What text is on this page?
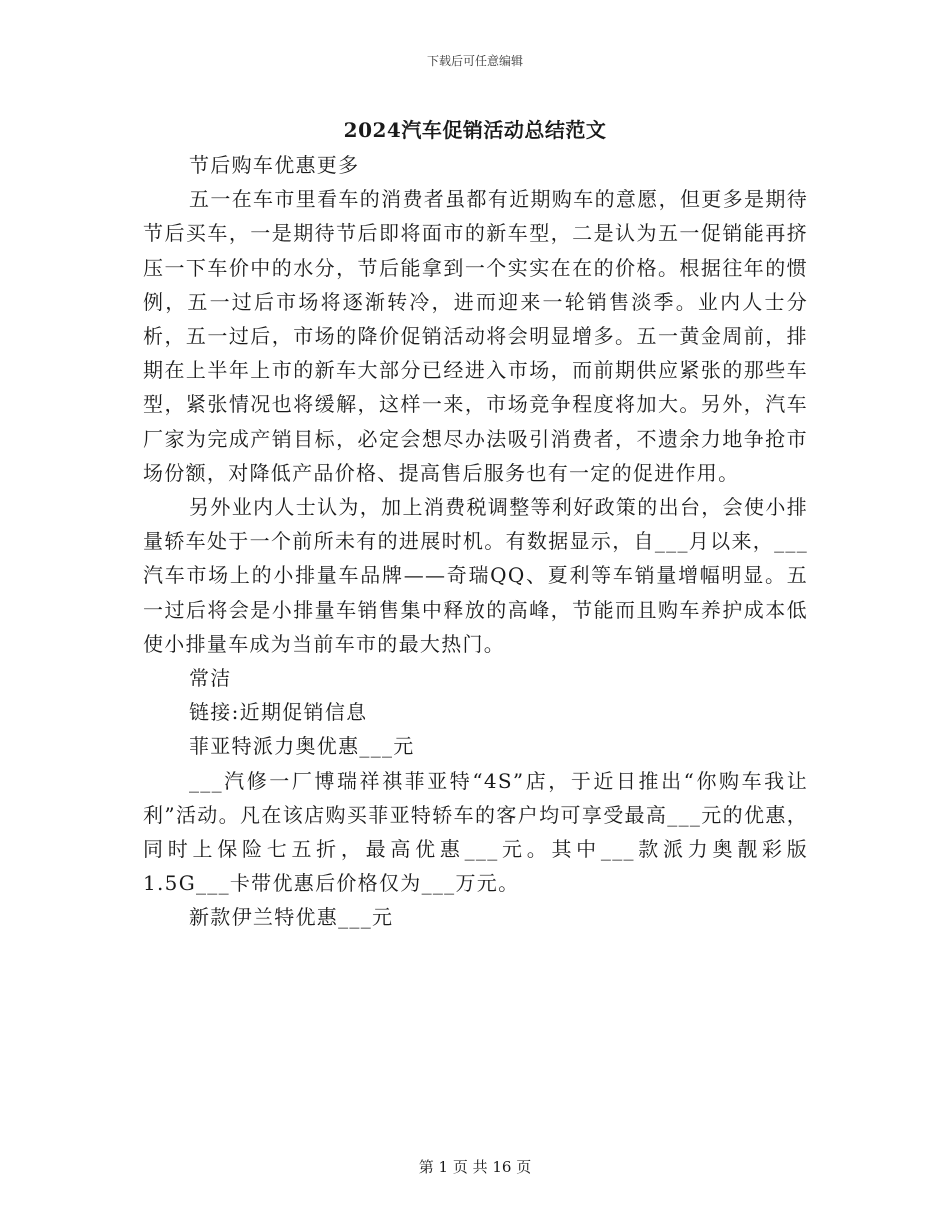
下载后可任意编辑
2024汽车促销活动总结范文

节后购车优惠更多

五一在车市里看车的消费者虽都有近期购车的意愿，但更多是期待节后买车，一是期待节后即将面市的新车型，二是认为五一促销能再挤压一下车价中的水分，节后能拿到一个实实在在的价格。根据往年的惯例，五一过后市场将逐渐转冷，进而迎来一轮销售淡季。业内人士分析，五一过后，市场的降价促销活动将会明显增多。五一黄金周前，排期在上半年上市的新车大部分已经进入市场，而前期供应紧张的那些车型，紧张情况也将缓解，这样一来，市场竞争程度将加大。另外，汽车厂家为完成产销目标，必定会想尽办法吸引消费者，不遗余力地争抢市场份额，对降低产品价格、提高售后服务也有一定的促进作用。

另外业内人士认为，加上消费税调整等利好政策的出台，会使小排量轿车处于一个前所未有的进展时机。有数据显示，自___月以来，___汽车市场上的小排量车品牌——奇瑞QQ、夏利等车销量增幅明显。五一过后将会是小排量车销售集中释放的高峰，节能而且购车养护成本低使小排量车成为当前车市的最大热门。

常洁

链接:近期促销信息

菲亚特派力奥优惠___元

___汽修一厂博瑞祥祺菲亚特“4S”店，于近日推出“你购车我让利”活动。凡在该店购买菲亚特轿车的客户均可享受最高___元的优惠，同时上保险七五折，最高优惠___元。其中___款派力奥靓彩版1.5G___卡带优惠后价格仅为___万元。

新款伊兰特优惠___元

第 1 页 共 16 页
